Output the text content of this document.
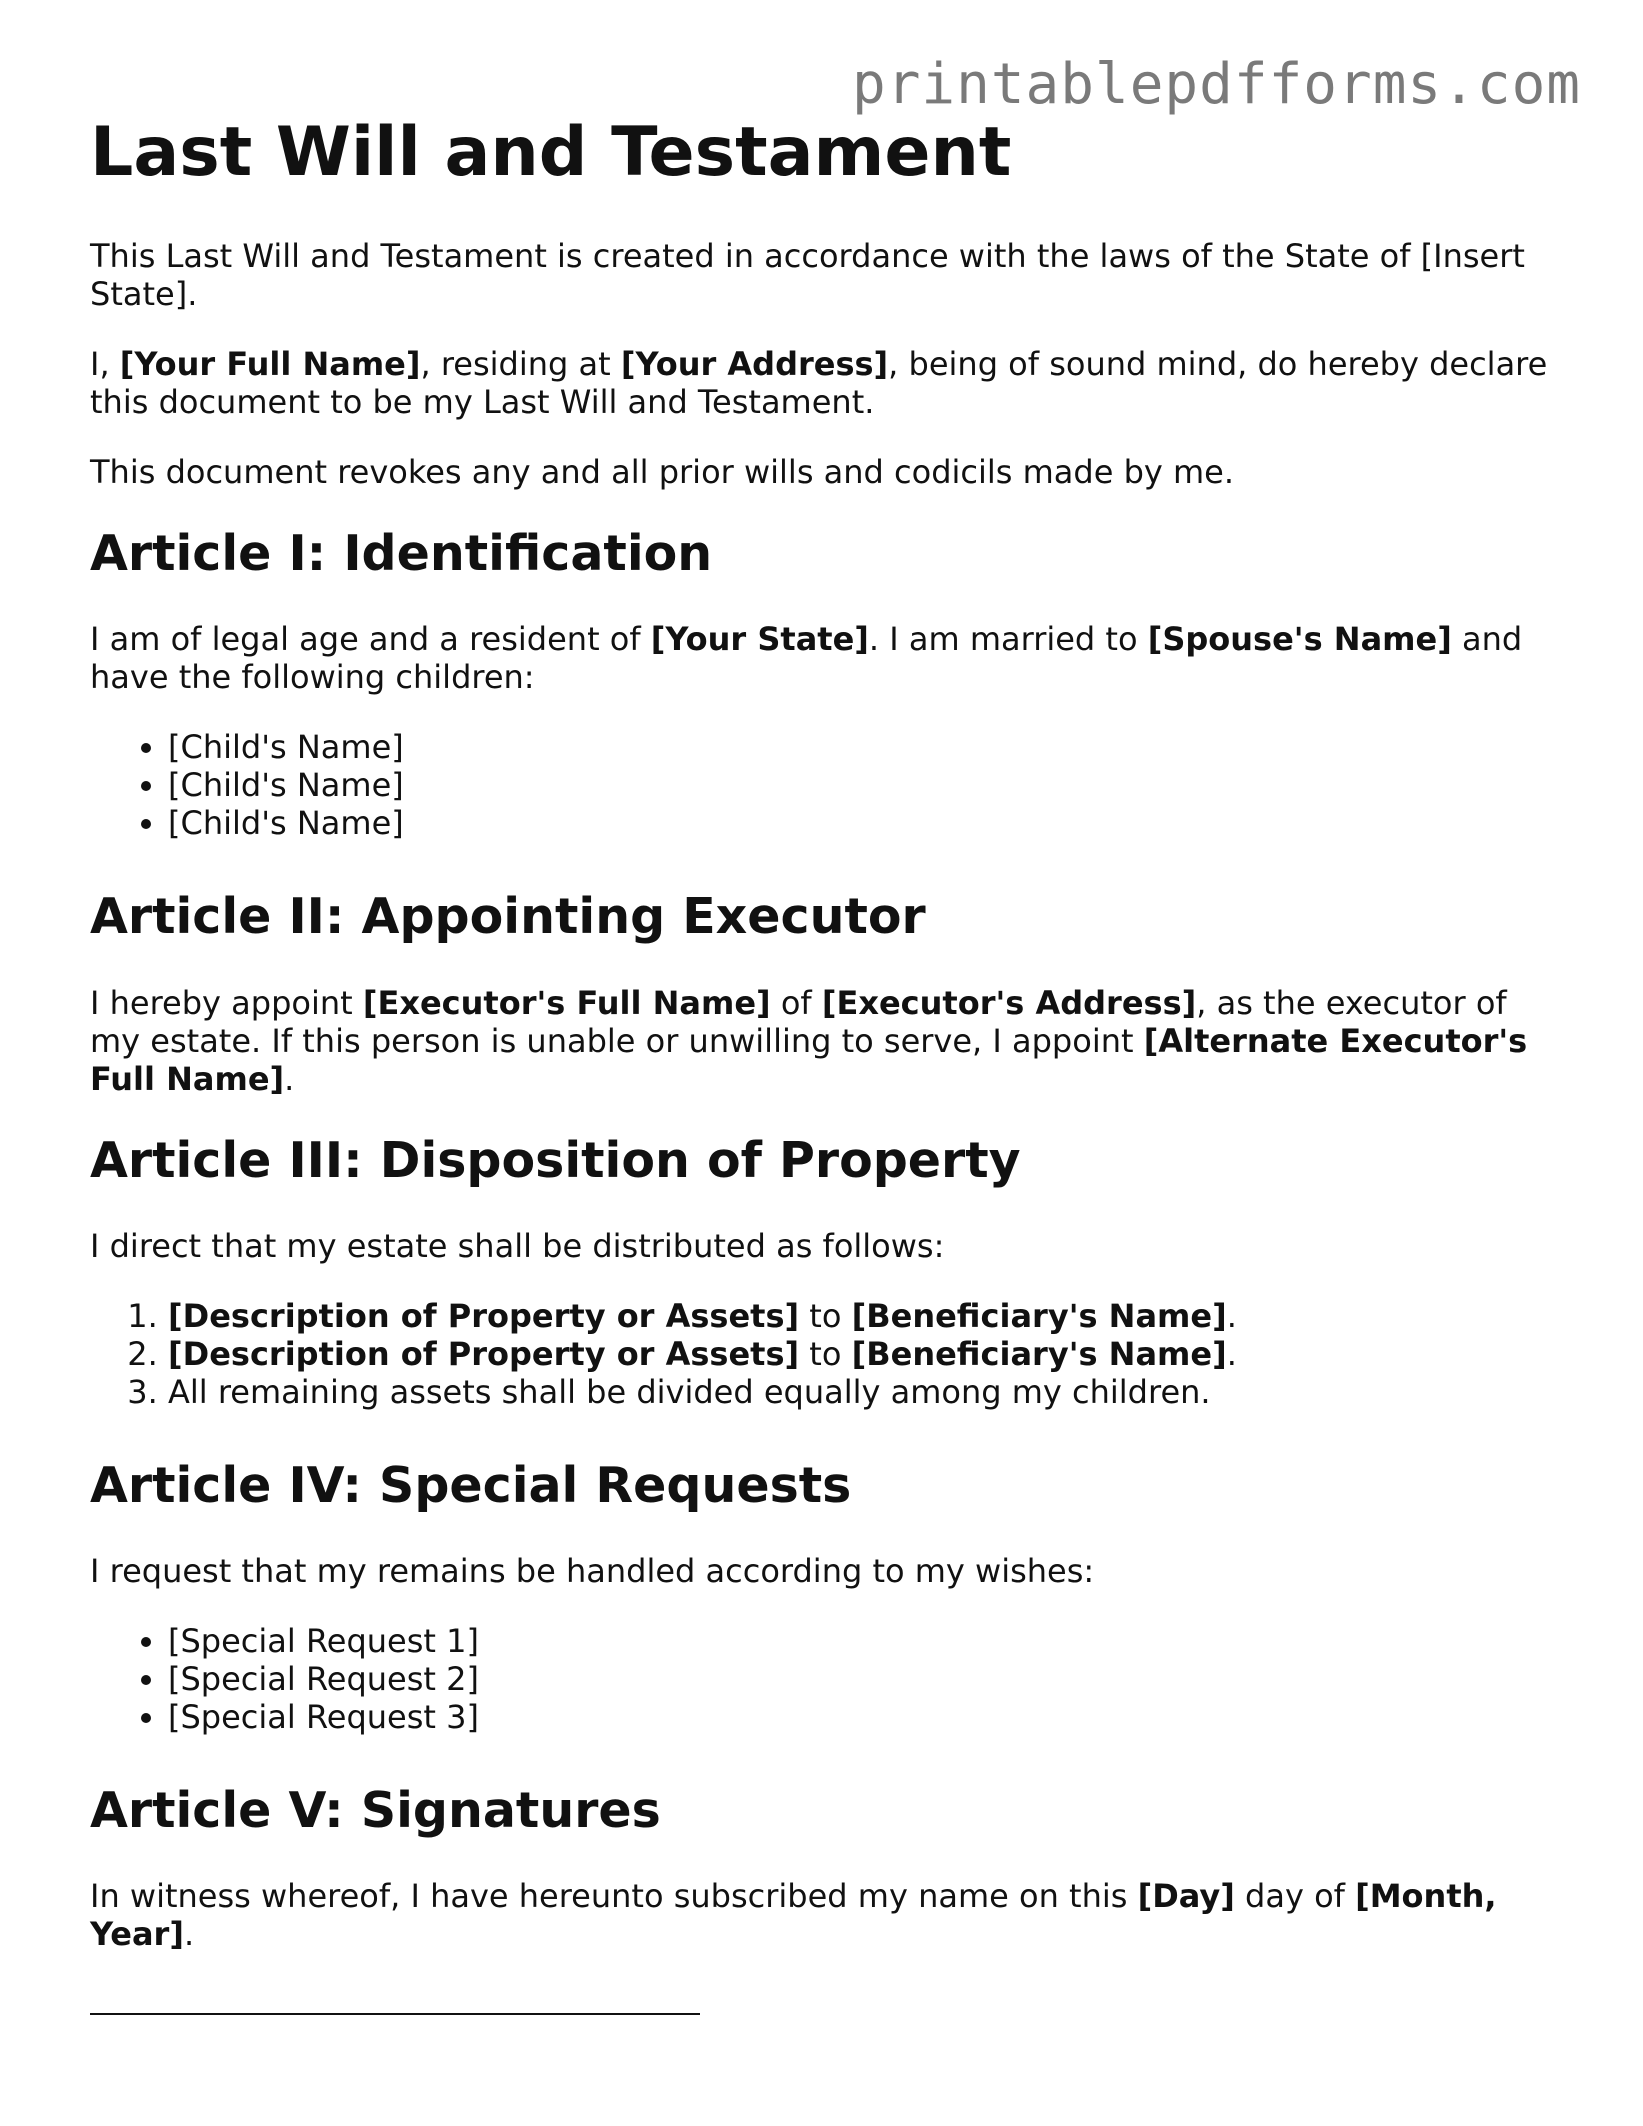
printablepdfforms.com
Last Will and Testament

This Last Will and Testament is created in accordance with the laws of the State of [Insert State].

I, [Your Full Name], residing at [Your Address], being of sound mind, do hereby declare this document to be my Last Will and Testament.

This document revokes any and all prior wills and codicils made by me.

Article I: Identification

I am of legal age and a resident of [Your State]. I am married to [Spouse's Name] and have the following children:

• [Child's Name]
• [Child's Name]
• [Child's Name]
Article II: Appointing Executor

I hereby appoint [Executor's Full Name] of [Executor's Address], as the executor of my estate. If this person is unable or unwilling to serve, I appoint [Alternate Executor's Full Name].

Article III: Disposition of Property

I direct that my estate shall be distributed as follows:

1. [Description of Property or Assets] to [Beneficiary's Name].
2. [Description of Property or Assets] to [Beneficiary's Name].
3. All remaining assets shall be divided equally among my children.
Article IV: Special Requests

I request that my remains be handled according to my wishes:

• [Special Request 1]
• [Special Request 2]
• [Special Request 3]
Article V: Signatures

In witness whereof, I have hereunto subscribed my name on this [Day] day of [Month, Year].
